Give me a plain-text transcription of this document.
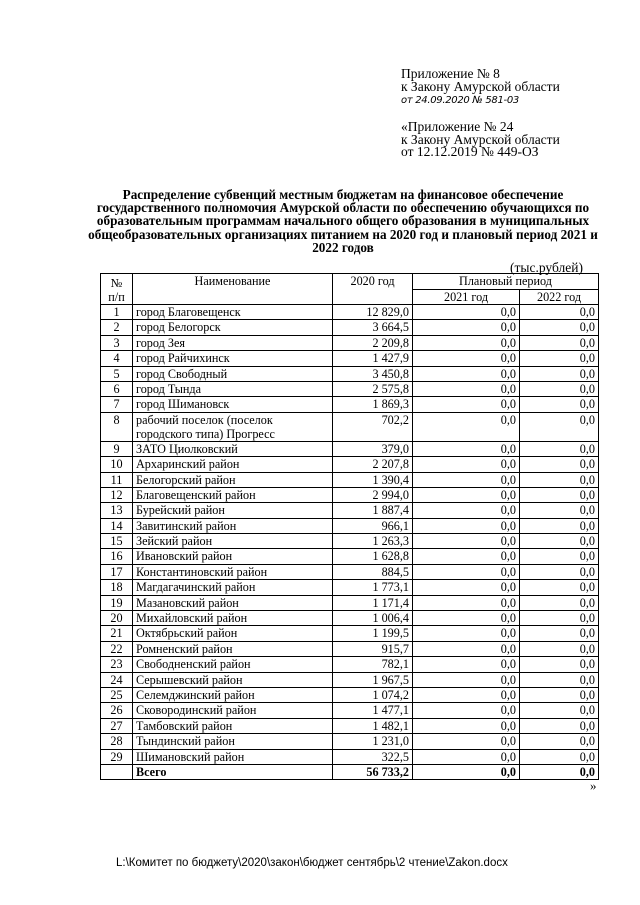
Приложение № 8
к Закону Амурской области
от 24.09.2020 № 581-03
«Приложение № 24
к Закону Амурской области
от 12.12.2019 № 449-ОЗ
Распределение субвенций местным бюджетам на финансовое обеспечение государственного полномочия Амурской области по обеспечению обучающихся по образовательным программам начального общего образования в муниципальных общеобразовательных организациях питанием на 2020 год и плановый период 2021 и 2022 годов
(тыс.рублей)
№
п/п	Наименование	2020 год	Плановый период	
			2021 год	2022 год
1	город Благовещенск	12 829,0	0,0	0,0
2	город Белогорск	3 664,5	0,0	0,0
3	город Зея	2 209,8	0,0	0,0
4	город Райчихинск	1 427,9	0,0	0,0
5	город Свободный	3 450,8	0,0	0,0
6	город Тында	2 575,8	0,0	0,0
7	город Шимановск	1 869,3	0,0	0,0
8	рабочий поселок (поселок городского типа) Прогресс	702,2	0,0	0,0
9	ЗАТО Циолковский	379,0	0,0	0,0
10	Архаринский район	2 207,8	0,0	0,0
11	Белогорский район	1 390,4	0,0	0,0
12	Благовещенский район	2 994,0	0,0	0,0
13	Бурейский район	1 887,4	0,0	0,0
14	Завитинский район	966,1	0,0	0,0
15	Зейский район	1 263,3	0,0	0,0
16	Ивановский район	1 628,8	0,0	0,0
17	Константиновский район	884,5	0,0	0,0
18	Магдагачинский район	1 773,1	0,0	0,0
19	Мазановский район	1 171,4	0,0	0,0
20	Михайловский район	1 006,4	0,0	0,0
21	Октябрьский район	1 199,5	0,0	0,0
22	Ромненский район	915,7	0,0	0,0
23	Свободненский район	782,1	0,0	0,0
24	Серышевский район	1 967,5	0,0	0,0
25	Селемджинский район	1 074,2	0,0	0,0
26	Сковородинский район	1 477,1	0,0	0,0
27	Тамбовский район	1 482,1	0,0	0,0
28	Тындинский район	1 231,0	0,0	0,0
29	Шимановский район	322,5	0,0	0,0
	Всего	56 733,2	0,0	0,0
»
L:\Комитет по бюджету\2020\закон\бюджет сентябрь\2 чтение\Zakon.docx
